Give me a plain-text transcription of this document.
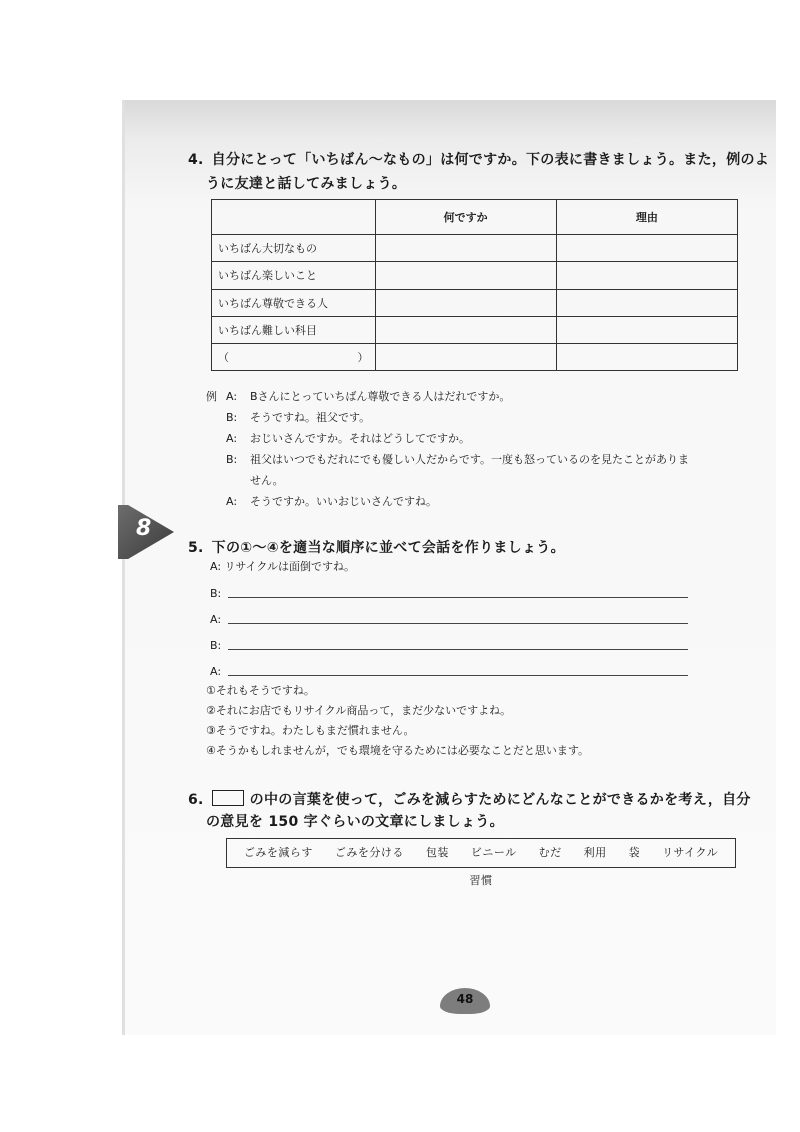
4. 自分にとって「いちばん～なもの」は何ですか。下の表に書きましょう。また，例のよ
うに友達と話してみましょう。
	何ですか	理由
いちばん大切なもの		
いちばん楽しいこと		
いちばん尊敬できる人		
いちばん難しい科目		

（ ）		

例 A: Bさんにとっていちばん尊敬できる人はだれですか。
B: そうですね。祖父です。
A: おじいさんですか。それはどうしてですか。
B: 祖父はいつでもだれにでも優しい人だからです。一度も怒っているのを見たことがありま
せん。
A: そうですか。いいおじいさんですね。
8
5. 下の①～④を適当な順序に並べて会話を作りましょう。
A: リサイクルは面倒ですね。
B:
A:
B:
A:
①それもそうですね。
②それにお店でもリサイクル商品って，まだ少ないですよね。
③そうですね。わたしもまだ慣れません。
④そうかもしれませんが，でも環境を守るためには必要なことだと思います。
6.	の中の言葉を使って，ごみを減らすためにどんなことができるかを考え，自分
の意見を 150 字ぐらいの文章にしましょう。
ごみを減らす ごみを分ける 包装 ビニール むだ 利用 袋 リサイクル 習慣
48
